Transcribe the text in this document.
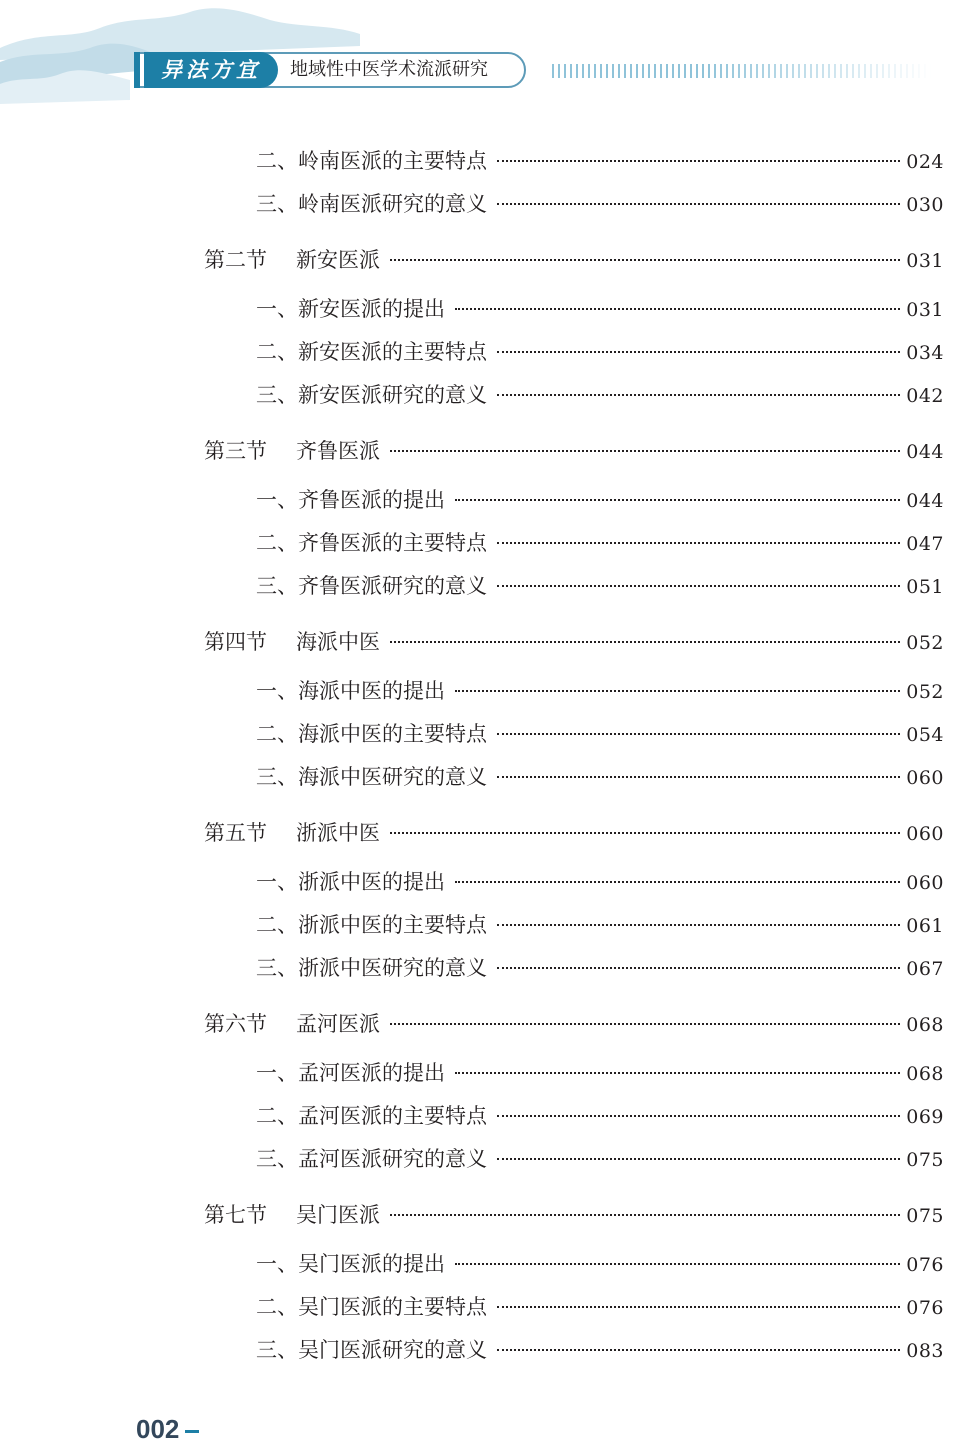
异法方宜	地域性中医学术流派研究
二、岭南医派的主要特点	024
三、岭南医派研究的意义	030
第二节	新安医派	031
一、新安医派的提出	031
二、新安医派的主要特点	034
三、新安医派研究的意义	042
第三节	齐鲁医派	044
一、齐鲁医派的提出	044
二、齐鲁医派的主要特点	047
三、齐鲁医派研究的意义	051
第四节	海派中医	052
一、海派中医的提出	052
二、海派中医的主要特点	054
三、海派中医研究的意义	060
第五节	浙派中医	060
一、浙派中医的提出	060
二、浙派中医的主要特点	061
三、浙派中医研究的意义	067
第六节	孟河医派	068
一、孟河医派的提出	068
二、孟河医派的主要特点	069
三、孟河医派研究的意义	075
第七节	吴门医派	075
一、吴门医派的提出	076
二、吴门医派的主要特点	076
三、吴门医派研究的意义	083
002
